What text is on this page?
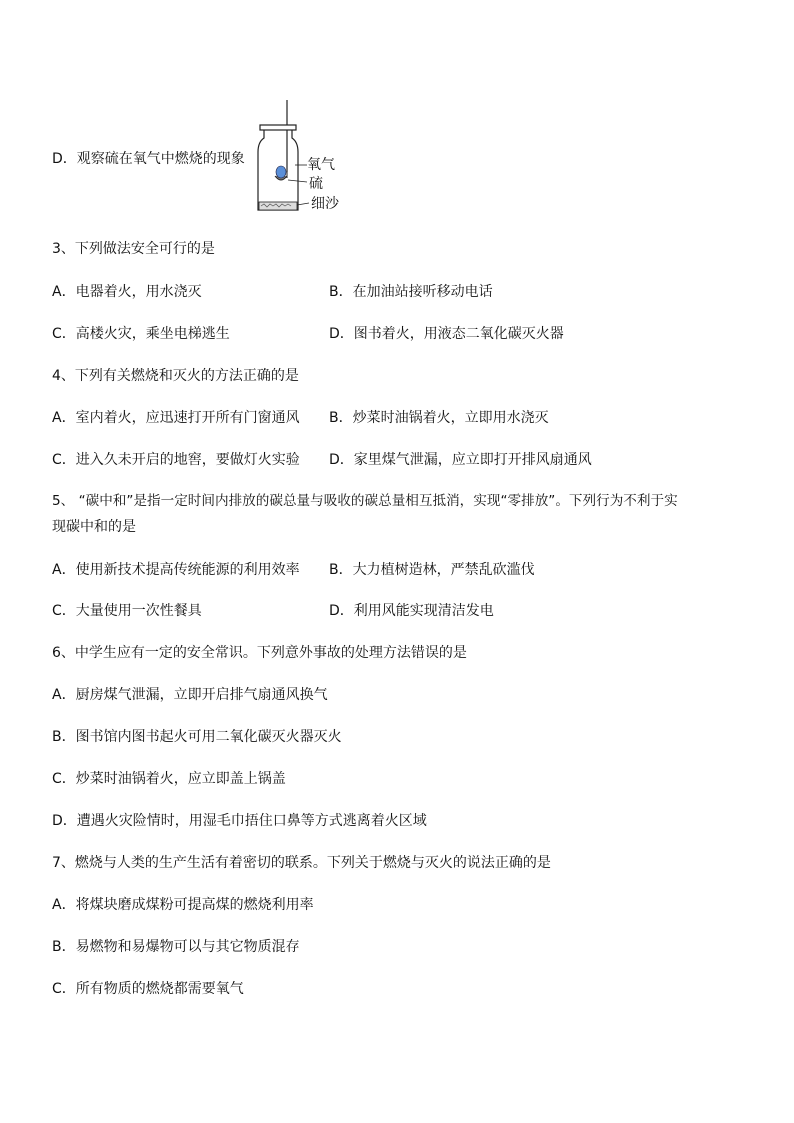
D．观察硫在氧气中燃烧的现象	氧气
硫
细沙
3、下列做法安全可行的是
A．电器着火，用水浇灭	B．在加油站接听移动电话
C．高楼火灾，乘坐电梯逃生	D．图书着火，用液态二氧化碳灭火器
4、下列有关燃烧和灭火的方法正确的是
A．室内着火，应迅速打开所有门窗通风 B．炒菜时油锅着火，立即用水浇灭
C．进入久未开启的地窖，要做灯火实验 D．家里煤气泄漏，应立即打开排风扇通风
5、 “碳中和”是指一定时间内排放的碳总量与吸收的碳总量相互抵消，实现“零排放”。下列行为不利于实
现碳中和的是
A．使用新技术提高传统能源的利用效率 B．大力植树造林，严禁乱砍滥伐
C．大量使用一次性餐具	D．利用风能实现清洁发电
6、中学生应有一定的安全常识。下列意外事故的处理方法错误的是
A．厨房煤气泄漏，立即开启排气扇通风换气
B．图书馆内图书起火可用二氧化碳灭火器灭火
C．炒菜时油锅着火，应立即盖上锅盖
D．遭遇火灾险情时，用湿毛巾捂住口鼻等方式逃离着火区域
7、燃烧与人类的生产生活有着密切的联系。下列关于燃烧与灭火的说法正确的是
A．将煤块磨成煤粉可提高煤的燃烧利用率
B．易燃物和易爆物可以与其它物质混存
C．所有物质的燃烧都需要氧气
